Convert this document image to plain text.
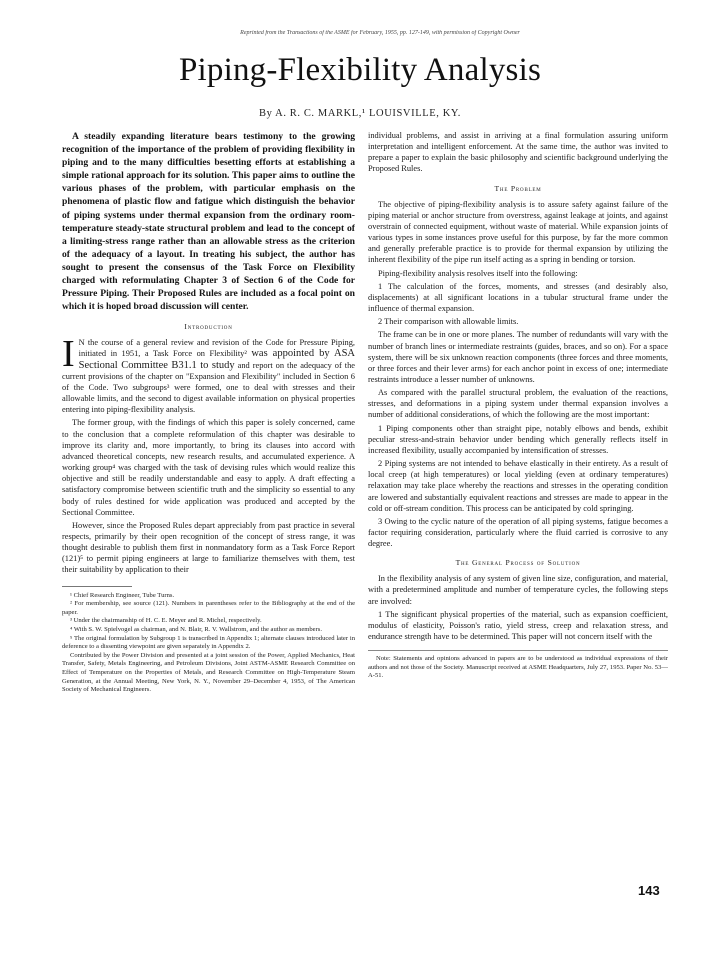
Reprinted from the Transactions of the ASME for February, 1955, pp. 127-149, with permission of Copyright Owner
Piping-Flexibility Analysis
By A. R. C. MARKL,¹ LOUISVILLE, KY.

A steadily expanding literature bears testimony to the growing recognition of the importance of the problem of providing flexibility in piping and to the many difficulties besetting efforts at establishing a simple rational approach for its solution. This paper aims to outline the various phases of the problem, with particular emphasis on the phenomena of plastic flow and fatigue which distinguish the behavior of piping systems under thermal expansion from the ordinary room-temperature steady-state structural problem and lead to the concept of a limiting-stress range rather than an allowable stress as the criterion of the adequacy of a layout. In treating his subject, the author has sought to present the consensus of the Task Force on Flexibility charged with reformulating Chapter 3 of Section 6 of the Code for Pressure Piping. Their Proposed Rules are included as a focal point on which it is hoped broad discussion will center.

Introduction

I N the course of a general review and revision of the Code for Pressure Piping, initiated in 1951, a Task Force on Flexibility² was appointed by ASA Sectional Committee B31.1 to study and report on the adequacy of the current provisions of the chapter on "Expansion and Flexibility" included in Section 6 of the Code. Two subgroups³ were formed, one to deal with stresses and their allowable limits, and the second to digest available information on physical properties entering into piping-flexibility analysis.

The former group, with the findings of which this paper is solely concerned, came to the conclusion that a complete reformulation of this chapter was desirable to improve its clarity and, more importantly, to bring its clauses into accord with advanced theoretical concepts, new research results, and accumulated experience. A working group⁴ was charged with the task of devising rules which would realize this objective and still be readily understandable and easy to apply. A draft effecting a satisfactory compromise between scientific truth and the simplicity so essential to any body of rules destined for wide application was produced and accepted by the Sectional Committee.

However, since the Proposed Rules depart appreciably from past practice in several respects, primarily by their open recognition of the concept of stress range, it was thought desirable to publish them first in nonmandatory form as a Task Force Report (121)⁵ to permit piping engineers at large to familiarize themselves with them, test their suitability by application to their

¹ Chief Research Engineer, Tube Turns.

² For membership, see source (121). Numbers in parentheses refer to the Bibliography at the end of the paper.

³ Under the chairmanship of H. C. E. Meyer and R. Michel, respectively.

⁴ With S. W. Spielvogel as chairman, and N. Blair, R. V. Wallstrom, and the author as members.

⁵ The original formulation by Subgroup 1 is transcribed in Appendix 1; alternate clauses introduced later in deference to a dissenting viewpoint are given separately in Appendix 2.

Contributed by the Power Division and presented at a joint session of the Power, Applied Mechanics, Heat Transfer, Safety, Metals Engineering, and Petroleum Divisions, Joint ASTM-ASME Research Committee on Effect of Temperature on the Properties of Metals, and Research Committee on High-Temperature Steam Generation, at the Annual Meeting, New York, N. Y., November 29–December 4, 1953, of The American Society of Mechanical Engineers.

individual problems, and assist in arriving at a final formulation assuring uniform interpretation and intelligent enforcement. At the same time, the author was invited to prepare a paper to explain the basic philosophy and scientific background underlying the Proposed Rules.

The Problem

The objective of piping-flexibility analysis is to assure safety against failure of the piping material or anchor structure from overstress, against leakage at joints, and against overstrain of connected equipment, without waste of material. While expansion joints of various types in some instances prove useful for this purpose, by far the more common and generally preferable practice is to provide for thermal expansion by utilizing the inherent flexibility of the pipe run itself acting as a spring in bending or torsion.

Piping-flexibility analysis resolves itself into the following:

1 The calculation of the forces, moments, and stresses (and desirably also, displacements) at all significant locations in a tubular structural frame under the influence of thermal expansion.

2 Their comparison with allowable limits.

The frame can be in one or more planes. The number of redundants will vary with the number of branch lines or intermediate restraints (guides, braces, and so on). For a space system, there will be six unknown reaction components (three forces and three moments, or three forces and their lever arms) for each anchor point in excess of one; intermediate restraints introduce a lesser number of unknowns.

As compared with the parallel structural problem, the evaluation of the reactions, stresses, and deformations in a piping system under thermal expansion involves a number of additional considerations, of which the following are the most important:

1 Piping components other than straight pipe, notably elbows and bends, exhibit peculiar stress-and-strain behavior under bending which generally reflects itself in increased flexibility, usually accompanied by intensification of stresses.

2 Piping systems are not intended to behave elastically in their entirety. As a result of local creep (at high temperatures) or local yielding (even at ordinary temperatures) relaxation may take place whereby the reactions and stresses in the operating condition are lowered and substantially equivalent reactions and stresses are made to appear in the cold or off-stream condition. This process can be anticipated by cold springing.

3 Owing to the cyclic nature of the operation of all piping systems, fatigue becomes a factor requiring consideration, particularly where the fluid carried is corrosive to any degree.

The General Process of Solution

In the flexibility analysis of any system of given line size, configuration, and material, with a predetermined amplitude and number of temperature cycles, the following steps are involved:

1 The significant physical properties of the material, such as expansion coefficient, modulus of elasticity, Poisson's ratio, yield stress, creep and relaxation stress, and endurance strength have to be determined. This paper will not concern itself with the

Note: Statements and opinions advanced in papers are to be understood as individual expressions of their authors and not those of the Society. Manuscript received at ASME Headquarters, July 27, 1953. Paper No. 53—A-51.

143
